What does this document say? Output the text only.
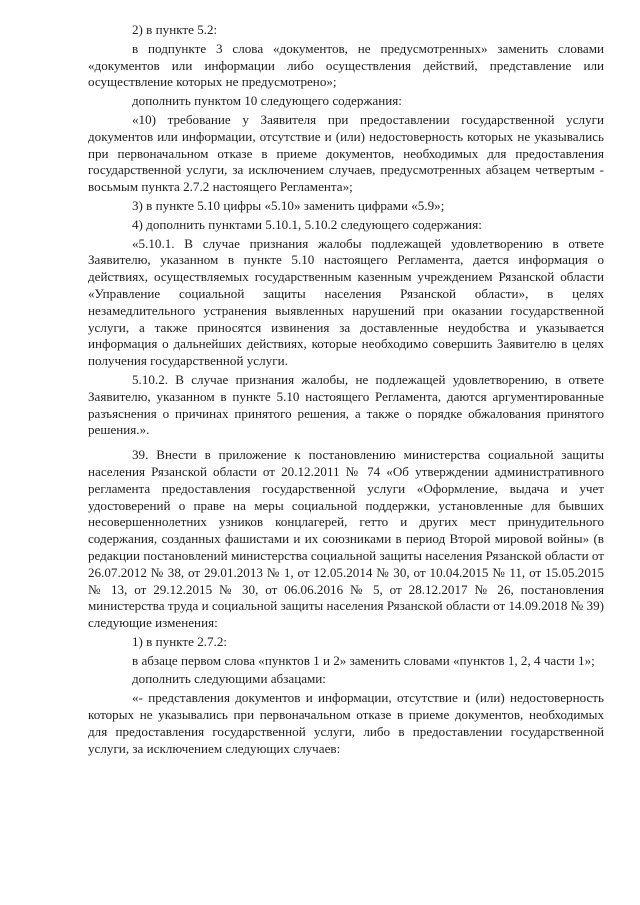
2) в пункте 5.2:

в подпункте 3 слова «документов, не предусмотренных» заменить словами «документов или информации либо осуществления действий, представление или осуществление которых не предусмотрено»;

дополнить пунктом 10 следующего содержания:

«10) требование у Заявителя при предоставлении государственной услуги документов или информации, отсутствие и (или) недостоверность которых не указывались при первоначальном отказе в приеме документов, необходимых для предоставления государственной услуги, за исключением случаев, предусмотренных абзацем четвертым - восьмым пункта 2.7.2 настоящего Регламента»;

3) в пункте 5.10 цифры «5.10» заменить цифрами «5.9»;

4) дополнить пунктами 5.10.1, 5.10.2 следующего содержания:

«5.10.1. В случае признания жалобы подлежащей удовлетворению в ответе Заявителю, указанном в пункте 5.10 настоящего Регламента, дается информация о действиях, осуществляемых государственным казенным учреждением Рязанской области «Управление социальной защиты населения Рязанской области», в целях незамедлительного устранения выявленных нарушений при оказании государственной услуги, а также приносятся извинения за доставленные неудобства и указывается информация о дальнейших действиях, которые необходимо совершить Заявителю в целях получения государственной услуги.

5.10.2. В случае признания жалобы, не подлежащей удовлетворению, в ответе Заявителю, указанном в пункте 5.10 настоящего Регламента, даются аргументированные разъяснения о причинах принятого решения, а также о порядке обжалования принятого решения.».

39. Внести в приложение к постановлению министерства социальной защиты населения Рязанской области от 20.12.2011 № 74 «Об утверждении административного регламента предоставления государственной услуги «Оформление, выдача и учет удостоверений о праве на меры социальной поддержки, установленные для бывших несовершеннолетних узников концлагерей, гетто и других мест принудительного содержания, созданных фашистами и их союзниками в период Второй мировой войны» (в редакции постановлений министерства социальной защиты населения Рязанской области от 26.07.2012 № 38, от 29.01.2013 № 1, от 12.05.2014 № 30, от 10.04.2015 № 11, от 15.05.2015 № 13, от 29.12.2015 № 30, от 06.06.2016 № 5, от 28.12.2017 № 26, постановления министерства труда и социальной защиты населения Рязанской области от 14.09.2018 № 39) следующие изменения:

1) в пункте 2.7.2:

в абзаце первом слова «пунктов 1 и 2» заменить словами «пунктов 1, 2, 4 части 1»;

дополнить следующими абзацами:

«- представления документов и информации, отсутствие и (или) недостоверность которых не указывались при первоначальном отказе в приеме документов, необходимых для предоставления государственной услуги, либо в предоставлении государственной услуги, за исключением следующих случаев:
